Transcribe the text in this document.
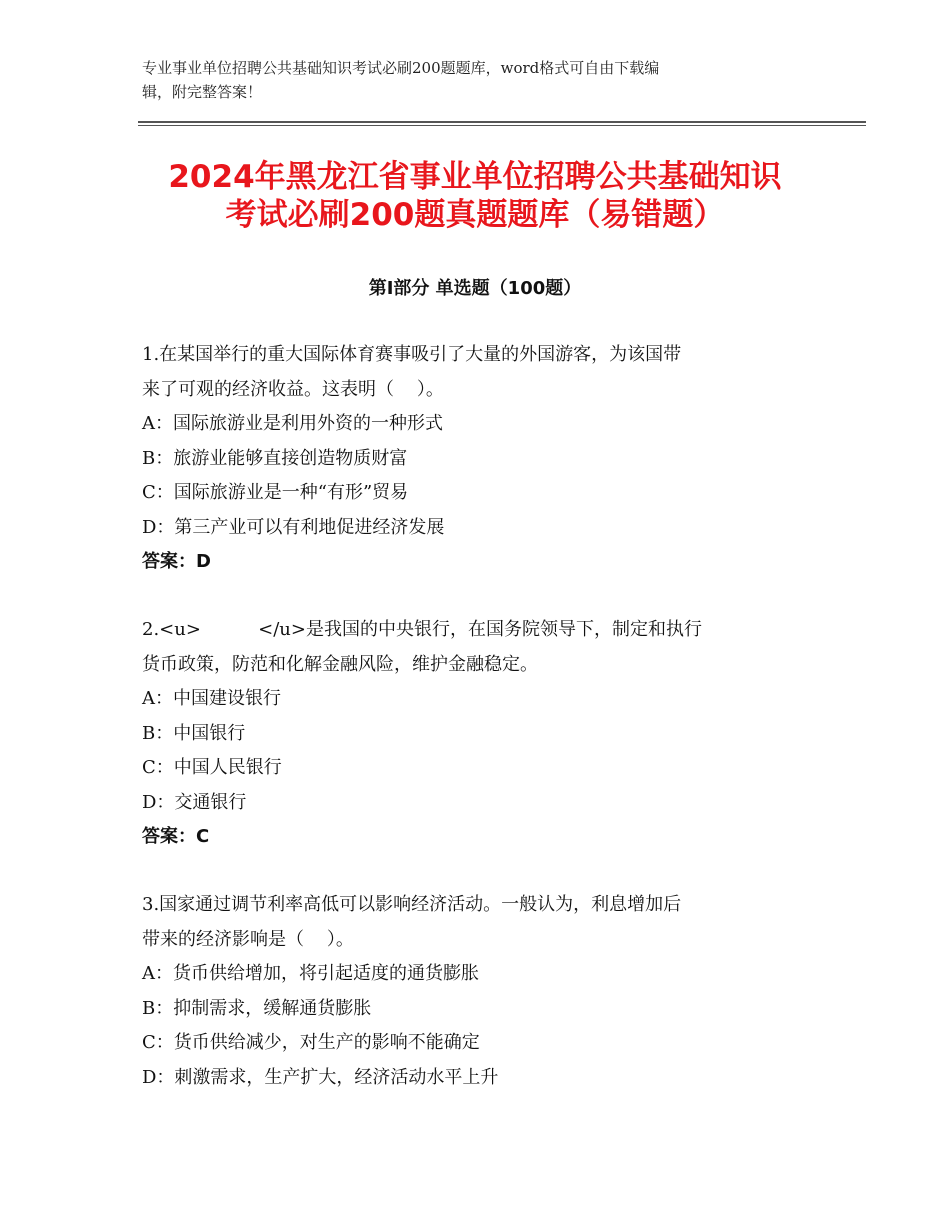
专业事业单位招聘公共基础知识考试必刷200题题库，word格式可自由下载编
辑，附完整答案！
2024年黑龙江省事业单位招聘公共基础知识
考试必刷200题真题题库（易错题）
第Ⅰ部分 单选题（100题）
1.在某国举行的重大国际体育赛事吸引了大量的外国游客，为该国带
来了可观的经济收益。这表明（    ）。
A：国际旅游业是利用外资的一种形式
B：旅游业能够直接创造物质财富
C：国际旅游业是一种“有形”贸易
D：第三产业可以有利地促进经济发展
答案：D
2.<u>          </u>是我国的中央银行，在国务院领导下，制定和执行
货币政策，防范和化解金融风险，维护金融稳定。
A：中国建设银行
B：中国银行
C：中国人民银行
D：交通银行
答案：C
3.国家通过调节利率高低可以影响经济活动。一般认为，利息增加后
带来的经济影响是（    ）。
A：货币供给增加，将引起适度的通货膨胀
B：抑制需求，缓解通货膨胀
C：货币供给减少，对生产的影响不能确定
D：刺激需求，生产扩大，经济活动水平上升
